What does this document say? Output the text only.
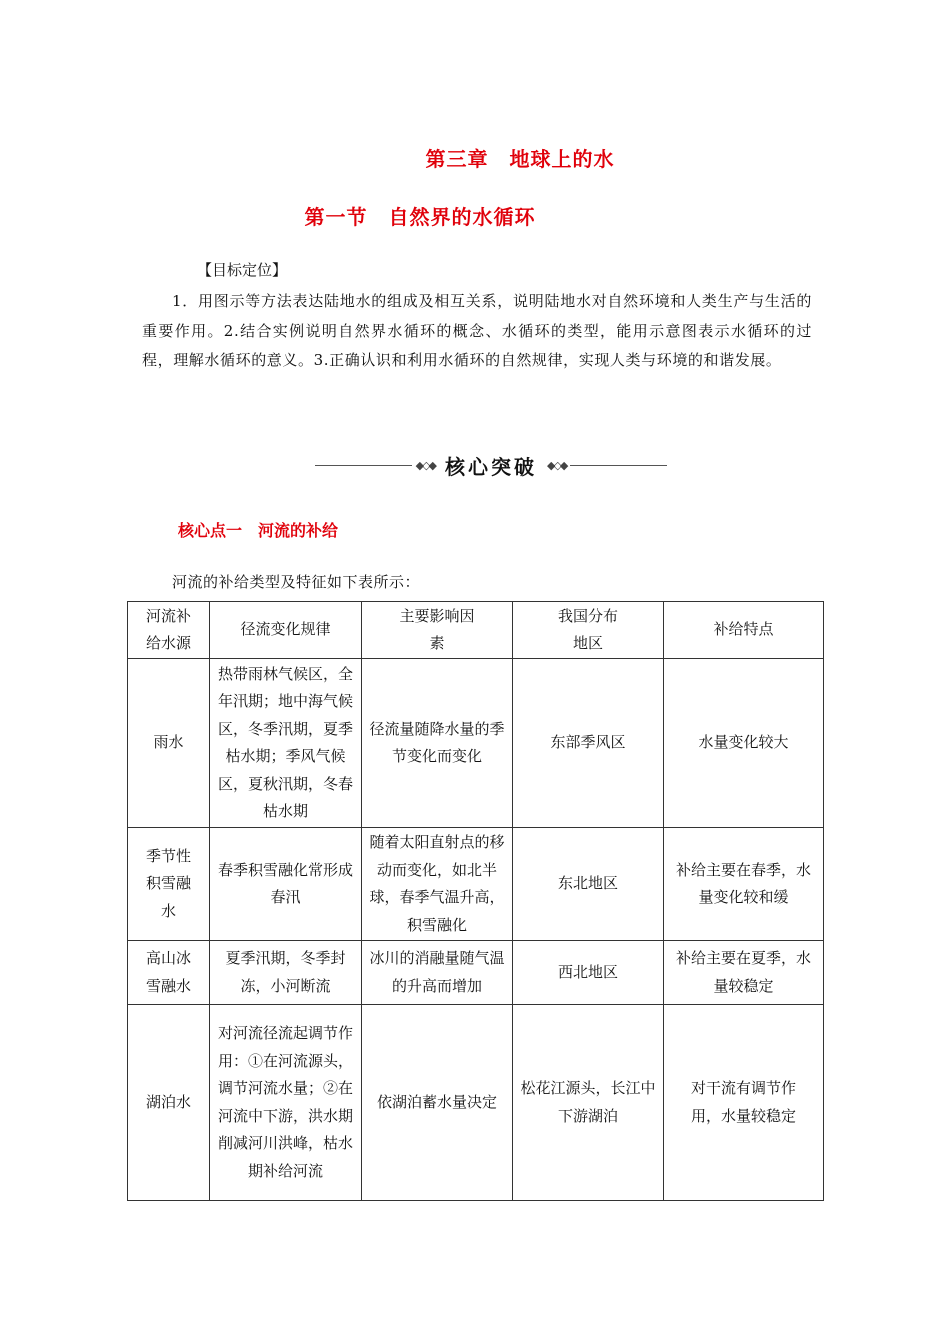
第三章　地球上的水
第一节　自然界的水循环
【目标定位】

1．用图示等方法表达陆地水的组成及相互关系，说明陆地水对自然环境和人类生产与生活的重要作用。2.结合实例说明自然界水循环的概念、水循环的类型，能用示意图表示水循环的过程，理解水循环的意义。3.正确认识和利用水循环的自然规律，实现人类与环境的和谐发展。

◆◇◆ 核心突破 ◆◇◆
核心点一　河流的补给
河流的补给类型及特征如下表所示：
河流补给水源	径流变化规律	主要影响因素	我国分布地区	补给特点
雨水	热带雨林气候区，全年汛期；地中海气候区，冬季汛期，夏季枯水期；季风气候区，夏秋汛期，冬春枯水期	径流量随降水量的季节变化而变化	东部季风区	水量变化较大
季节性积雪融水	春季积雪融化常形成春汛	随着太阳直射点的移动而变化，如北半球，春季气温升高，积雪融化	东北地区	补给主要在春季，水量变化较和缓
高山冰雪融水	夏季汛期，冬季封冻，小河断流	冰川的消融量随气温的升高而增加	西北地区	补给主要在夏季，水量较稳定
湖泊水	对河流径流起调节作用：①在河流源头，调节河流水量；②在河流中下游，洪水期削减河川洪峰，枯水期补给河流	依湖泊蓄水量决定	松花江源头，长江中下游湖泊	对干流有调节作用，水量较稳定
